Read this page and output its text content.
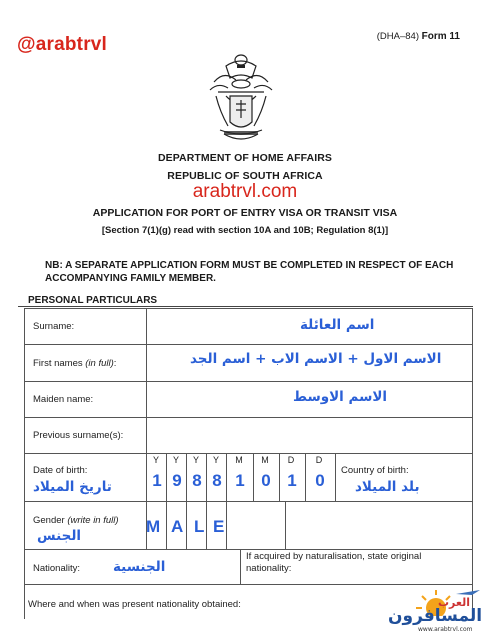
@arabtrvl	(DHA–84) Form 11
DEPARTMENT OF HOME AFFAIRS
REPUBLIC OF SOUTH AFRICA
arabtrvl.com
APPLICATION FOR PORT OF ENTRY VISA OR TRANSIT VISA
[Section 7(1)(g) read with section 10A and 10B; Regulation 8(1)]
NB: A SEPARATE APPLICATION FORM MUST BE COMPLETED IN RESPECT OF EACH ACCOMPANYING FAMILY MEMBER.
PERSONAL PARTICULARS
Surname:	اسم العائلة
First names (in full):	الاسم الاول + الاسم الاب + اسم الجد
Maiden name:	الاسم الاوسط
Previous surname(s):
Date of birth:
تاريخ الميلاد
Y	Y	Y	Y	M	M	D	D
1 9 8 8 1 0 1 0
Country of birth:
بلد الميلاد
Gender (write in full)
الجنس	M A L E
Nationality: الجنسية
If acquired by naturalisation, state original
nationality:
Where and when was present nationality obtained:	العرب
المسافرون
www.arabtrvl.com
